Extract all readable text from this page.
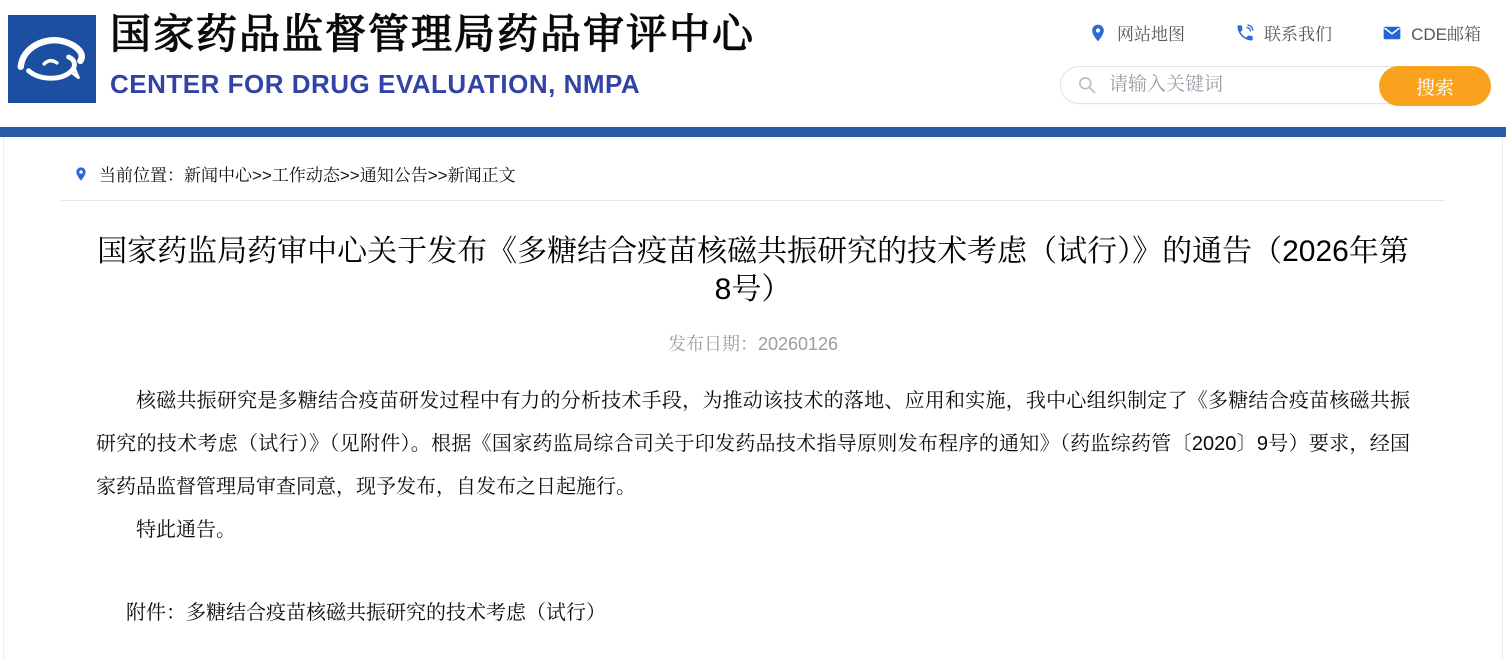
国家药品监督管理局药品审评中心
CENTER FOR DRUG EVALUATION, NMPA
网站地图	联系我们	CDE邮箱
请输入关键词
搜索
当前位置：新闻中心>>工作动态>>通知公告>>新闻正文
国家药监局药审中心关于发布《多糖结合疫苗核磁共振研究的技术考虑（试行）》的通告（2026年第8号）
发布日期：20260126

核磁共振研究是多糖结合疫苗研发过程中有力的分析技术手段，为推动该技术的落地、应用和实施，我中心组织制定了《多糖结合疫苗核磁共振研究的技术考虑（试行）》（见附件）。根据《国家药监局综合司关于印发药品技术指导原则发布程序的通知》（药监综药管〔2020〕9号）要求，经国家药品监督管理局审查同意，现予发布，自发布之日起施行。

特此通告。

附件：多糖结合疫苗核磁共振研究的技术考虑（试行）
